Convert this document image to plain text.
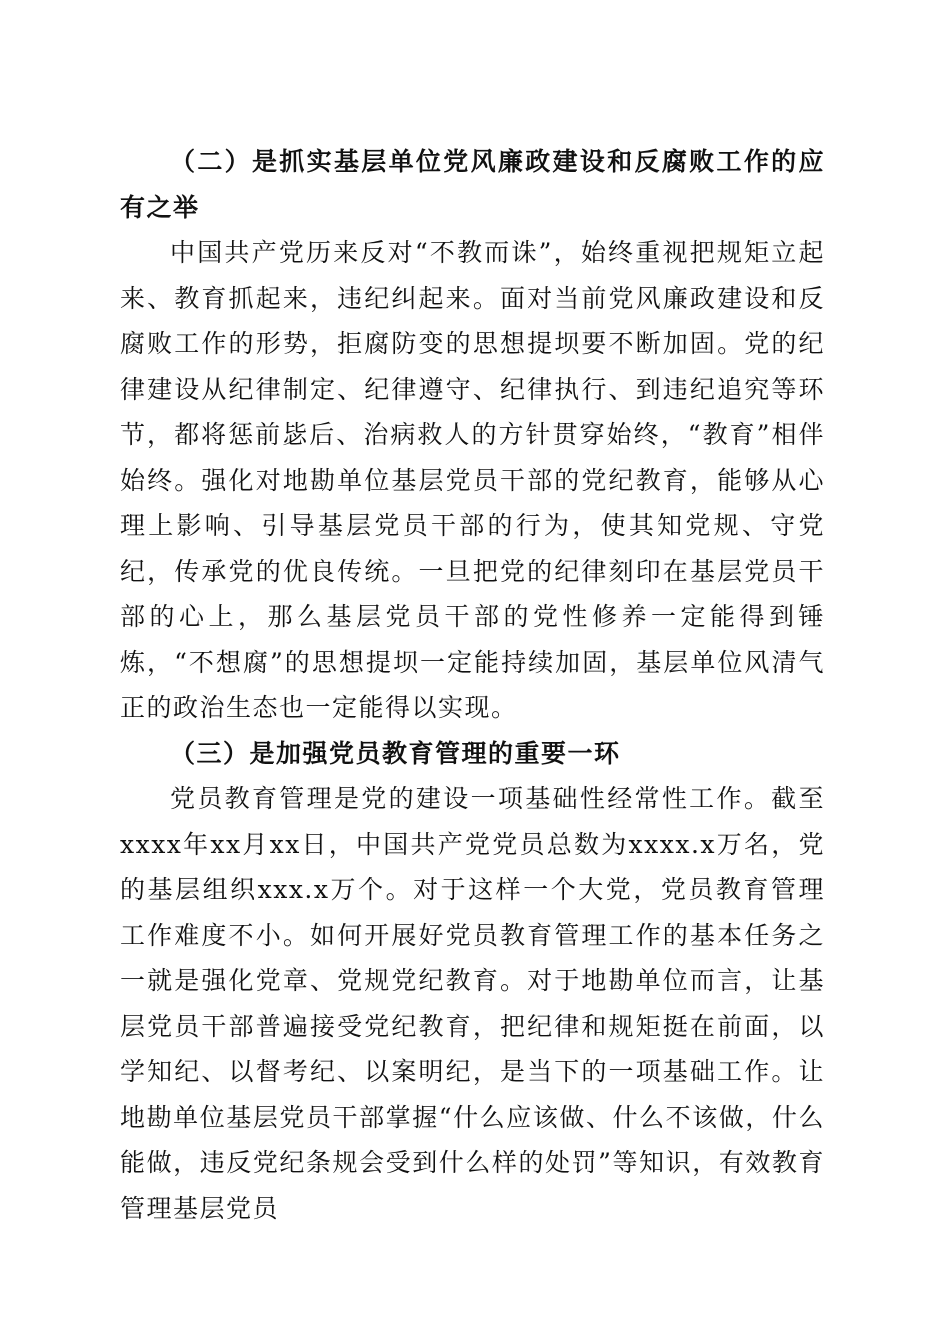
（二）是抓实基层单位党风廉政建设和反腐败工作的应有之举

中国共产党历来反对“不教而诛”，始终重视把规矩立起来、教育抓起来，违纪纠起来。面对当前党风廉政建设和反腐败工作的形势，拒腐防变的思想提坝要不断加固。党的纪律建设从纪律制定、纪律遵守、纪律执行、到违纪追究等环节，都将惩前毖后、治病救人的方针贯穿始终，“教育”相伴始终。强化对地勘单位基层党员干部的党纪教育，能够从心理上影响、引导基层党员干部的行为，使其知党规、守党纪，传承党的优良传统。一旦把党的纪律刻印在基层党员干部的心上，那么基层党员干部的党性修养一定能得到锤炼，“不想腐”的思想提坝一定能持续加固，基层单位风清气正的政治生态也一定能得以实现。

（三）是加强党员教育管理的重要一环

党员教育管理是党的建设一项基础性经常性工作。截至xxxx年xx月xx日，中国共产党党员总数为xxxx.x万名，党的基层组织xxx.x万个。对于这样一个大党，党员教育管理工作难度不小。如何开展好党员教育管理工作的基本任务之一就是强化党章、党规党纪教育。对于地勘单位而言，让基层党员干部普遍接受党纪教育，把纪律和规矩挺在前面，以学知纪、以督考纪、以案明纪，是当下的一项基础工作。让地勘单位基层党员干部掌握“什么应该做、什么不该做，什么能做，违反党纪条规会受到什么样的处罚”等知识，有效教育管理基层党员
